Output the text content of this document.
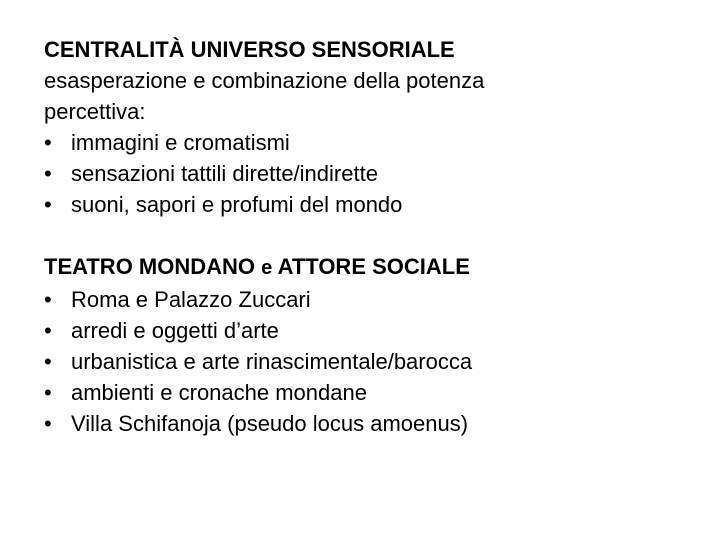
CENTRALITÀ UNIVERSO SENSORIALE
esasperazione e combinazione della potenza
percettiva:
• immagini e cromatismi
• sensazioni tattili dirette/indirette
• suoni, sapori e profumi del mondo
TEATRO MONDANO e ATTORE SOCIALE
• Roma e Palazzo Zuccari
• arredi e oggetti d’arte
• urbanistica e arte rinascimentale/barocca
• ambienti e cronache mondane
• Villa Schifanoja (pseudo locus amoenus)
